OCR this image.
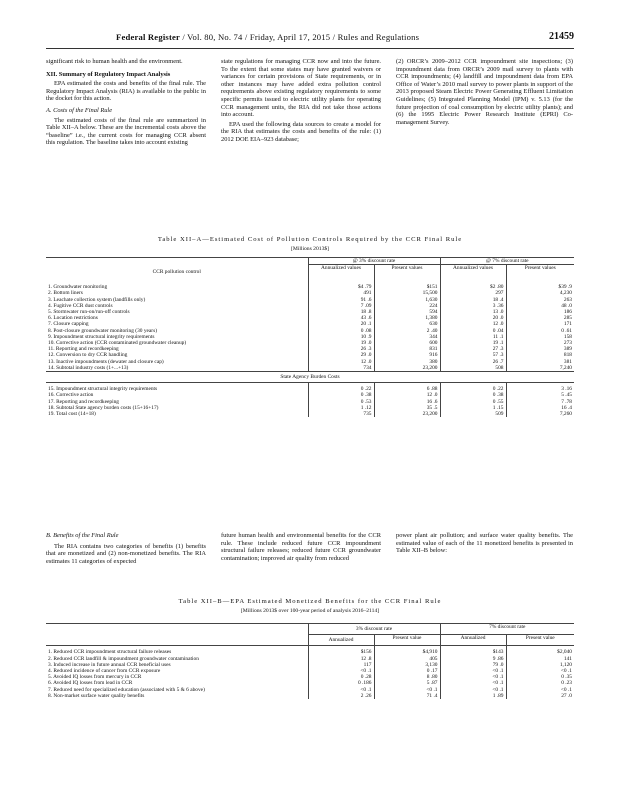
Federal Register / Vol. 80, No. 74 / Friday, April 17, 2015 / Rules and Regulations	21459

significant risk to human health and the environment.

XII. Summary of Regulatory Impact Analysis

EPA estimated the costs and benefits of the final rule. The Regulatory Impact Analysis (RIA) is available to the public in the docket for this action.

A. Costs of the Final Rule

The estimated costs of the final rule are summarized in Table XII–A below. These are the incremental costs above the “baseline” i.e., the current costs for managing CCR absent this regulation. The baseline takes into account existing

state regulations for managing CCR now and into the future. To the extent that some states may have granted waivers or variances for certain provisions of State requirements, or in other instances may have added extra pollution control requirements above existing regulatory requirements to some specific permits issued to electric utility plants for operating CCR management units, the RIA did not take those actions into account.

EPA used the following data sources to create a model for the RIA that estimates the costs and benefits of the rule: (1) 2012 DOE EIA–923 database;

(2) ORCR’s 2009–2012 CCR impoundment site inspections; (3) impoundment data from ORCR’s 2009 mail survey to plants with CCR impoundments; (4) landfill and impoundment data from EPA Office of Water’s 2010 mail survey to power plants in support of the 2013 proposed Steam Electric Power Generating Effluent Limitation Guidelines; (5) Integrated Planning Model (IPM) v. 5.13 (for the future projection of coal consumption by electric utility plants); and (6) the 1995 Electric Power Research Institute (EPRI) Co-management Survey.

Table XII–A—Estimated Cost of Pollution Controls Required by the CCR Final Rule
[Millions 2013$]
CCR pollution control	@ 3% discount rate		@ 7% discount rate	
	Annualized values	Present values	Annualized values	Present values
1. Groundwater monitoring	$4 .79	$151	$2 .80	$39 .9
2. Bottom liners	491	15,500	297	4,230
3. Leachate collection system (landfills only)	91 .6	1,630	18 .4	263
4. Fugitive CCR dust controls	7 .09	224	3 .36	48 .0
5. Stormwater run-on/run-off controls	18 .8	594	13 .0	186
6. Location restrictions	43 .6	1,380	20 .0	285
7. Closure capping	20 .1	630	12 .0	171
8. Post-closure groundwater monitoring (30 years)	0 .08	2 .40	0 .04	0 .61
9. Impoundment structural integrity requirements	10 .9	344	11 .1	158
10. Corrective action (CCR contaminated groundwater cleanup)	19 .0	600	19 .1	273
11. Reporting and recordkeeping	26 .3	831	27 .3	389
12. Conversion to dry CCR handling	29 .0	916	57 .3	818
13. Inactive impoundments (dewater and closure cap)	12 .0	380	26 .7	381
14. Subtotal industry costs (1+...+13)	734	23,200	508	7,240
State Agency Burden Costs				
15. Impoundment structural integrity requirements	0 .22	6 .88	0 .22	3 .16
16. Corrective action	0 .38	12 .0	0 .38	5 .45
17. Reporting and recordkeeping	0 .53	16 .6	0 .55	7 .78
18. Subtotal State agency burden costs (15+16+17)	1 .12	35 .5	1 .15	16 .4
19. Total cost (14+18)	735	23,200	509	7,260

B. Benefits of the Final Rule

The RIA contains two categories of benefits (1) benefits that are monetized and (2) non-monetized benefits. The RIA estimates 11 categories of expected

future human health and environmental benefits for the CCR rule. These include reduced future CCR impoundment structural failure releases; reduced future CCR groundwater contamination; improved air quality from reduced

power plant air pollution; and surface water quality benefits. The estimated value of each of the 11 monetized benefits is presented in Table XII–B below:

Table XII–B—EPA Estimated Monetized Benefits for the CCR Final Rule
[Millions 2013$ over 100-year period of analysis 2016–2114]
	3% discount rate		7% discount rate	
	Annualized	Present value	Annualized	Present value
1. Reduced CCR impoundment structural failure releases	$156	$4,910	$143	$2,040
2. Reduced CCR landfill & impoundment groundwater contamination	12 .8	405	9 .86	141
3. Induced increase in future annual CCR beneficial uses	117	3,130	79 .0	1,120
4. Reduced incidence of cancer from CCR exposure	<0 .1	0 .17	<0 .1	<0 .1
5. Avoided IQ losses from mercury in CCR	0 .28	8 .80	<0 .1	0 .35
6. Avoided IQ losses from lead in CCR	0 .186	5 .87	<0 .1	0 .23
7. Reduced need for specialized education (associated with 5 & 6 above)	<0 .1	<0 .1	<0 .1	<0 .1
8. Non-market surface water quality benefits	2 .26	71 .4	1 .89	27 .0
